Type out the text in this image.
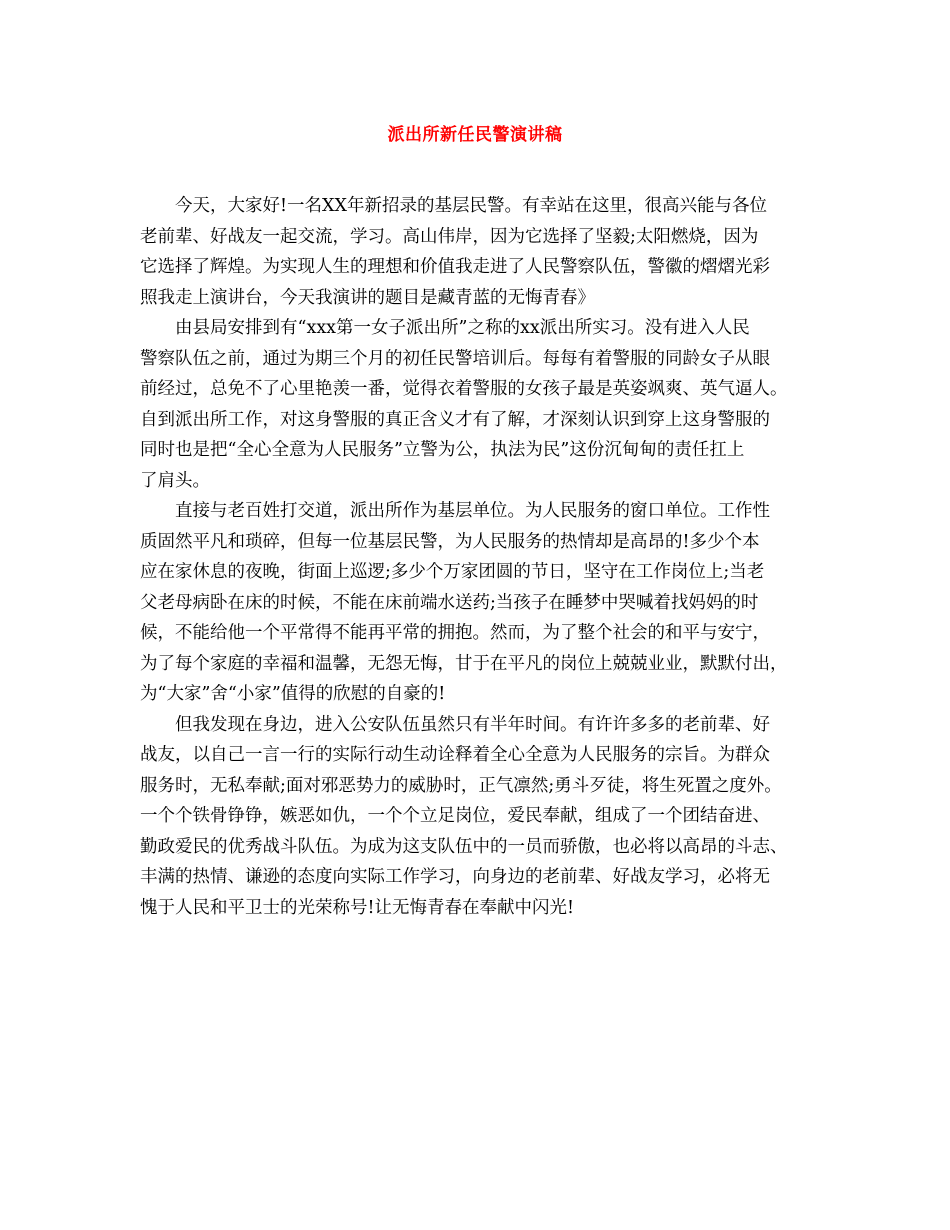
派出所新任民警演讲稿
今天，大家好!一名XX年新招录的基层民警。有幸站在这里，很高兴能与各位
老前辈、好战友一起交流，学习。高山伟岸，因为它选择了坚毅;太阳燃烧，因为
它选择了辉煌。为实现人生的理想和价值我走进了人民警察队伍，警徽的熠熠光彩
照我走上演讲台，今天我演讲的题目是藏青蓝的无悔青春》
由县局安排到有“xxx第一女子派出所”之称的xx派出所实习。没有进入人民
警察队伍之前，通过为期三个月的初任民警培训后。每每有着警服的同龄女子从眼
前经过，总免不了心里艳羡一番，觉得衣着警服的女孩子最是英姿飒爽、英气逼人。
自到派出所工作，对这身警服的真正含义才有了解，才深刻认识到穿上这身警服的
同时也是把“全心全意为人民服务”立警为公，执法为民”这份沉甸甸的责任扛上
了肩头。
直接与老百姓打交道，派出所作为基层单位。为人民服务的窗口单位。工作性
质固然平凡和琐碎，但每一位基层民警，为人民服务的热情却是高昂的!多少个本
应在家休息的夜晚，街面上巡逻;多少个万家团圆的节日，坚守在工作岗位上;当老
父老母病卧在床的时候，不能在床前端水送药;当孩子在睡梦中哭喊着找妈妈的时
候，不能给他一个平常得不能再平常的拥抱。然而，为了整个社会的和平与安宁，
为了每个家庭的幸福和温馨，无怨无悔，甘于在平凡的岗位上兢兢业业，默默付出，
为“大家”舍“小家”值得的欣慰的自豪的!
但我发现在身边，进入公安队伍虽然只有半年时间。有许许多多的老前辈、好
战友，以自己一言一行的实际行动生动诠释着全心全意为人民服务的宗旨。为群众
服务时，无私奉献;面对邪恶势力的威胁时，正气凛然;勇斗歹徒，将生死置之度外。
一个个铁骨铮铮，嫉恶如仇，一个个立足岗位，爱民奉献，组成了一个团结奋进、
勤政爱民的优秀战斗队伍。为成为这支队伍中的一员而骄傲，也必将以高昂的斗志、
丰满的热情、谦逊的态度向实际工作学习，向身边的老前辈、好战友学习，必将无
愧于人民和平卫士的光荣称号!让无悔青春在奉献中闪光!
